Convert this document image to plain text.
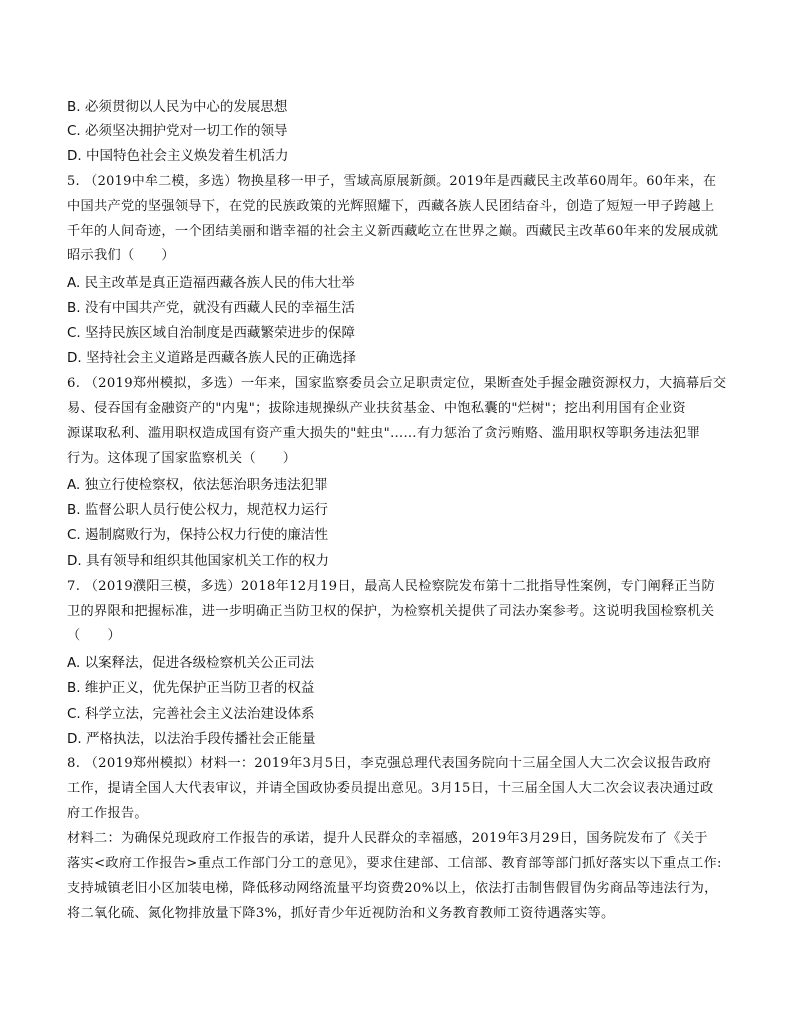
B. 必须贯彻以人民为中心的发展思想
C. 必须坚决拥护党对一切工作的领导
D. 中国特色社会主义焕发着生机活力
5. （2019中牟二模，多选）物换星移一甲子，雪域高原展新颜。2019年是西藏民主改革60周年。60年来，在
中国共产党的坚强领导下，在党的民族政策的光辉照耀下，西藏各族人民团结奋斗，创造了短短一甲子跨越上
千年的人间奇迹，一个团结美丽和谐幸福的社会主义新西藏屹立在世界之巅。西藏民主改革60年来的发展成就
昭示我们（　　）
A. 民主改革是真正造福西藏各族人民的伟大壮举
B. 没有中国共产党，就没有西藏人民的幸福生活
C. 坚持民族区域自治制度是西藏繁荣进步的保障
D. 坚持社会主义道路是西藏各族人民的正确选择
6. （2019郑州模拟，多选）一年来，国家监察委员会立足职责定位，果断查处手握金融资源权力，大搞幕后交
易、侵吞国有金融资产的"内鬼"；拔除违规操纵产业扶贫基金、中饱私囊的"烂树"；挖出利用国有企业资
源谋取私利、滥用职权造成国有资产重大损失的"蛀虫"……有力惩治了贪污贿赂、滥用职权等职务违法犯罪
行为。这体现了国家监察机关（　　）
A. 独立行使检察权，依法惩治职务违法犯罪
B. 监督公职人员行使公权力，规范权力运行
C. 遏制腐败行为，保持公权力行使的廉洁性
D. 具有领导和组织其他国家机关工作的权力
7. （2019濮阳三模，多选）2018年12月19日，最高人民检察院发布第十二批指导性案例，专门阐释正当防
卫的界限和把握标准，进一步明确正当防卫权的保护，为检察机关提供了司法办案参考。这说明我国检察机关
（　　）
A. 以案释法，促进各级检察机关公正司法
B. 维护正义，优先保护正当防卫者的权益
C. 科学立法，完善社会主义法治建设体系
D. 严格执法，以法治手段传播社会正能量
8. （2019郑州模拟）材料一：2019年3月5日，李克强总理代表国务院向十三届全国人大二次会议报告政府
工作，提请全国人大代表审议，并请全国政协委员提出意见。3月15日，十三届全国人大二次会议表决通过政
府工作报告。
材料二：为确保兑现政府工作报告的承诺，提升人民群众的幸福感，2019年3月29日，国务院发布了《关于
落实<政府工作报告>重点工作部门分工的意见》，要求住建部、工信部、教育部等部门抓好落实以下重点工作:
支持城镇老旧小区加装电梯，降低移动网络流量平均资费20%以上，依法打击制售假冒伪劣商品等违法行为，
将二氧化硫、氮化物排放量下降3%，抓好青少年近视防治和义务教育教师工资待遇落实等。
